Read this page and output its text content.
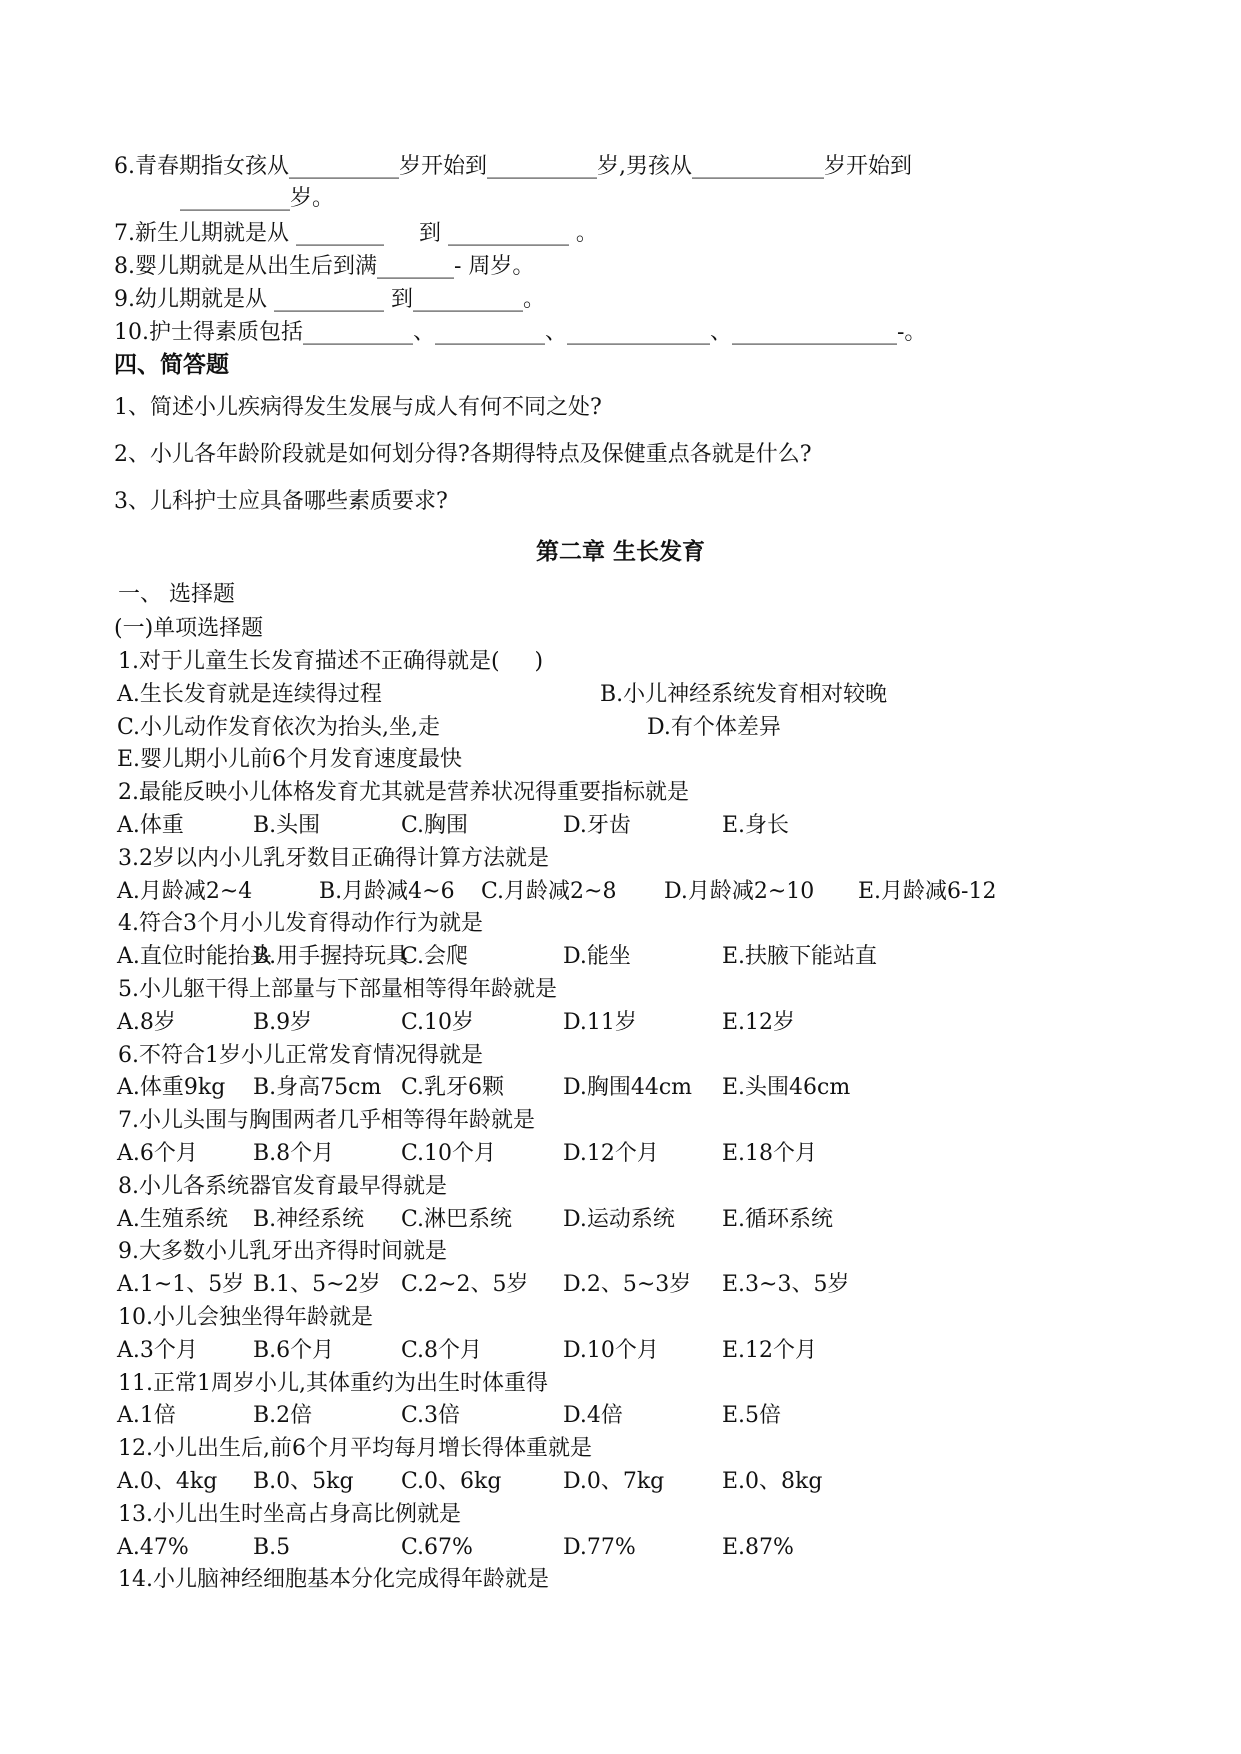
6.青春期指女孩从__________岁开始到__________岁,男孩从____________岁开始到
__________岁。
7.新生儿期就是从 ________     到 ___________ 。
8.婴儿期就是从出生后到满_______- 周岁。
9.幼儿期就是从 __________ 到__________。
10.护士得素质包括__________、__________、_____________、_______________-。
四、简答题
1、简述小儿疾病得发生发展与成人有何不同之处?
2、小儿各年龄阶段就是如何划分得?各期得特点及保健重点各就是什么?
3、儿科护士应具备哪些素质要求?
第二章 生长发育
一、 选择题
(一)单项选择题
1.对于儿童生长发育描述不正确得就是(     )
A.生长发育就是连续得过程	B.小儿神经系统发育相对较晚
C.小儿动作发育依次为抬头,坐,走	D.有个体差异
E.婴儿期小儿前6个月发育速度最快
2.最能反映小儿体格发育尤其就是营养状况得重要指标就是
A.体重	B.头围	C.胸围	D.牙齿	E.身长
3.2岁以内小儿乳牙数目正确得计算方法就是
A.月龄减2~4	B.月龄减4~6 C.月龄减2~8 D.月龄减2~10 E.月龄减6-12
4.符合3个月小儿发育得动作行为就是
A.直位时能抬头
B.用手握持玩具
C.会爬	D.能坐	E.扶腋下能站直
5.小儿躯干得上部量与下部量相等得年龄就是
A.8岁	B.9岁	C.10岁	D.11岁	E.12岁
6.不符合1岁小儿正常发育情况得就是
A.体重9kg B.身高75cm C.乳牙6颗	D.胸围44cm E.头围46cm
7.小儿头围与胸围两者几乎相等得年龄就是
A.6个月	B.8个月	C.10个月	D.12个月	E.18个月
8.小儿各系统器官发育最早得就是
A.生殖系统 B.神经系统 C.淋巴系统 D.运动系统 E.循环系统
9.大多数小儿乳牙出齐得时间就是
A.1~1、5岁 B.1、5~2岁 C.2~2、5岁 D.2、5~3岁 E.3~3、5岁
10.小儿会独坐得年龄就是
A.3个月	B.6个月	C.8个月	D.10个月	E.12个月
11.正常1周岁小儿,其体重约为出生时体重得
A.1倍	B.2倍	C.3倍	D.4倍	E.5倍
12.小儿出生后,前6个月平均每月增长得体重就是
A.0、4kg B.0、5kg C.0、6kg	D.0、7kg	E.0、8kg
13.小儿出生时坐高占身高比例就是
A.47%	B.5	C.67%	D.77%	E.87%
14.小儿脑神经细胞基本分化完成得年龄就是
